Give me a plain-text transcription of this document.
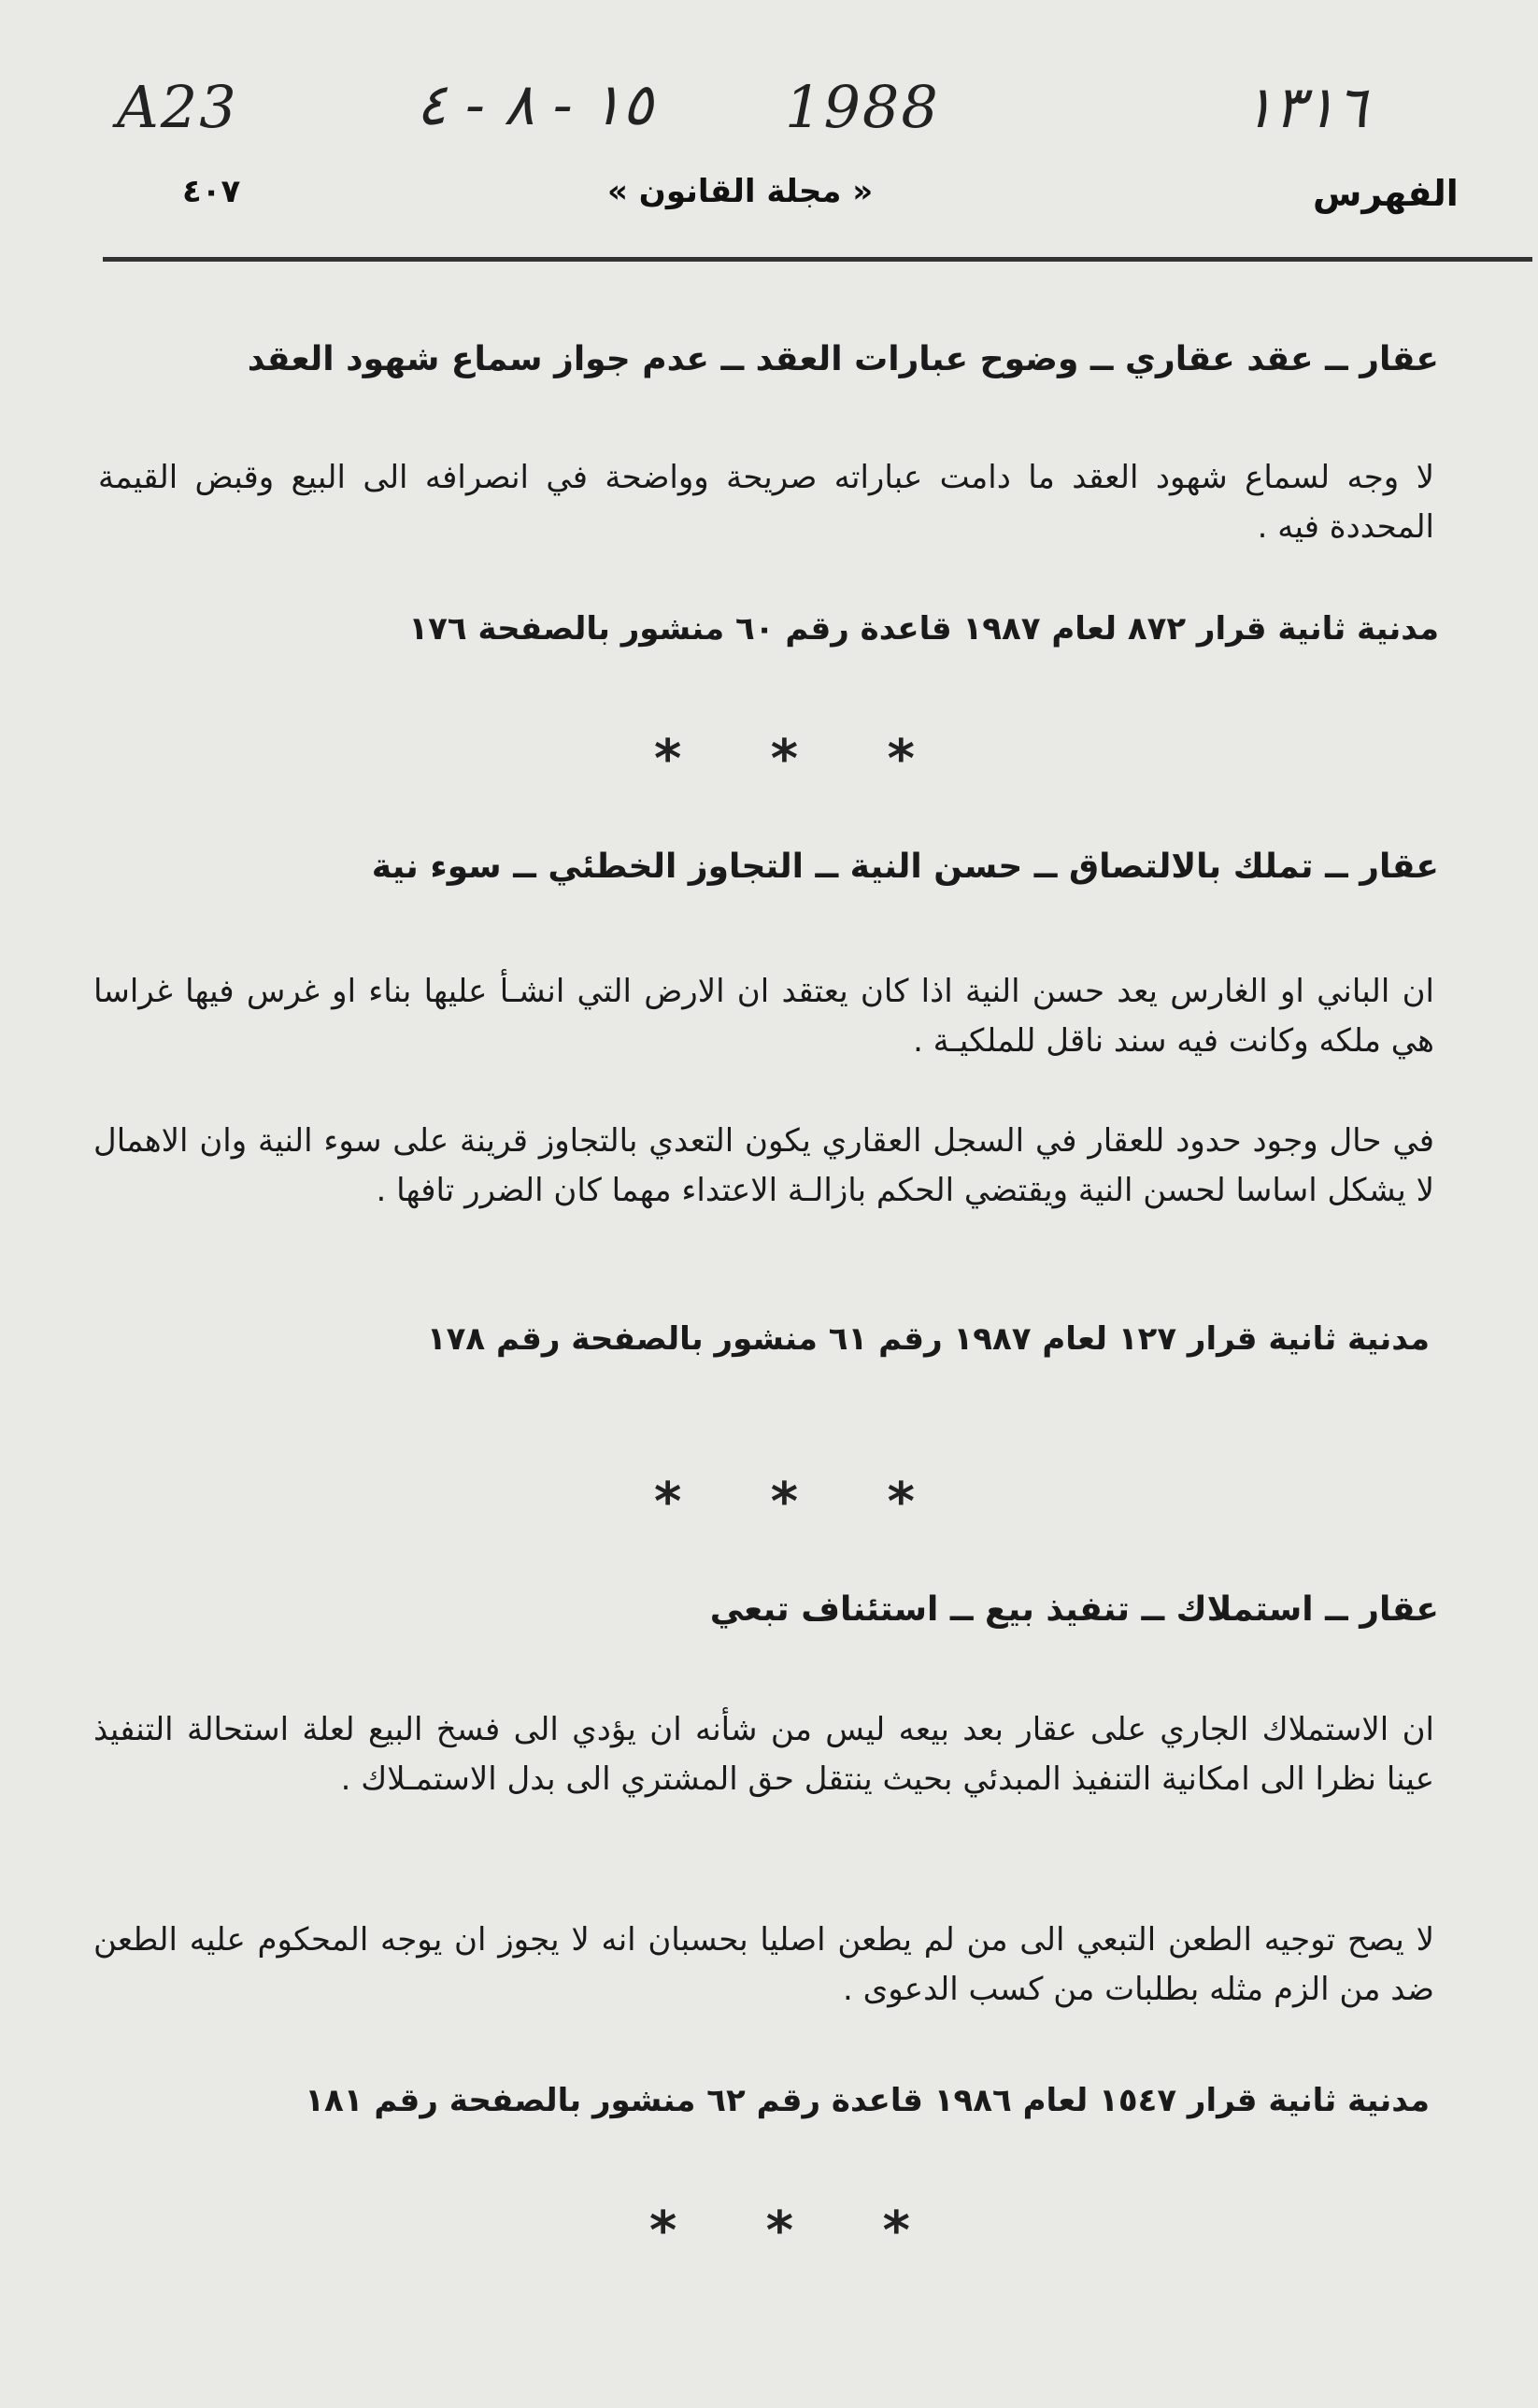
A23	١٥ - ٨ - ٤ 1988	١٣١٦
٤٠٧	« مجلة القانون »	الفهرس

عقار ــ عقد عقاري ــ وضوح عبارات العقد ــ عدم جواز سماع شهود العقد

لا وجه لسماع شهود العقد ما دامت عباراته صريحة وواضحة في انصرافه الى البيع وقبض القيمة المحددة فيه .

مدنية ثانية قرار ٨٧٢ لعام ١٩٨٧ قاعدة رقم ٦٠ منشور بالصفحة ١٧٦

* * *

عقار ــ تملك بالالتصاق ــ حسن النية ــ التجاوز الخطئي ــ سوء نية

ان الباني او الغارس يعد حسن النية اذا كان يعتقد ان الارض التي انشـأ عليها بناء او غرس فيها غراسا هي ملكه وكانت فيه سند ناقل للملكيـة .

في حال وجود حدود للعقار في السجل العقاري يكون التعدي بالتجاوز قرينة على سوء النية وان الاهمال لا يشكل اساسا لحسن النية ويقتضي الحكم بازالـة الاعتداء مهما كان الضرر تافها .

مدنية ثانية قرار ١٢٧ لعام ١٩٨٧ رقم ٦١ منشور بالصفحة رقم ١٧٨

* * *

عقار ــ استملاك ــ تنفيذ بيع ــ استئناف تبعي

ان الاستملاك الجاري على عقار بعد بيعه ليس من شأنه ان يؤدي الى فسخ البيع لعلة استحالة التنفيذ عينا نظرا الى امكانية التنفيذ المبدئي بحيث ينتقل حق المشتري الى بدل الاستمـلاك .

لا يصح توجيه الطعن التبعي الى من لم يطعن اصليا بحسبان انه لا يجوز ان يوجه المحكوم عليه الطعن ضد من الزم مثله بطلبات من كسب الدعوى .

مدنية ثانية قرار ١٥٤٧ لعام ١٩٨٦ قاعدة رقم ٦٢ منشور بالصفحة رقم ١٨١

* * *
